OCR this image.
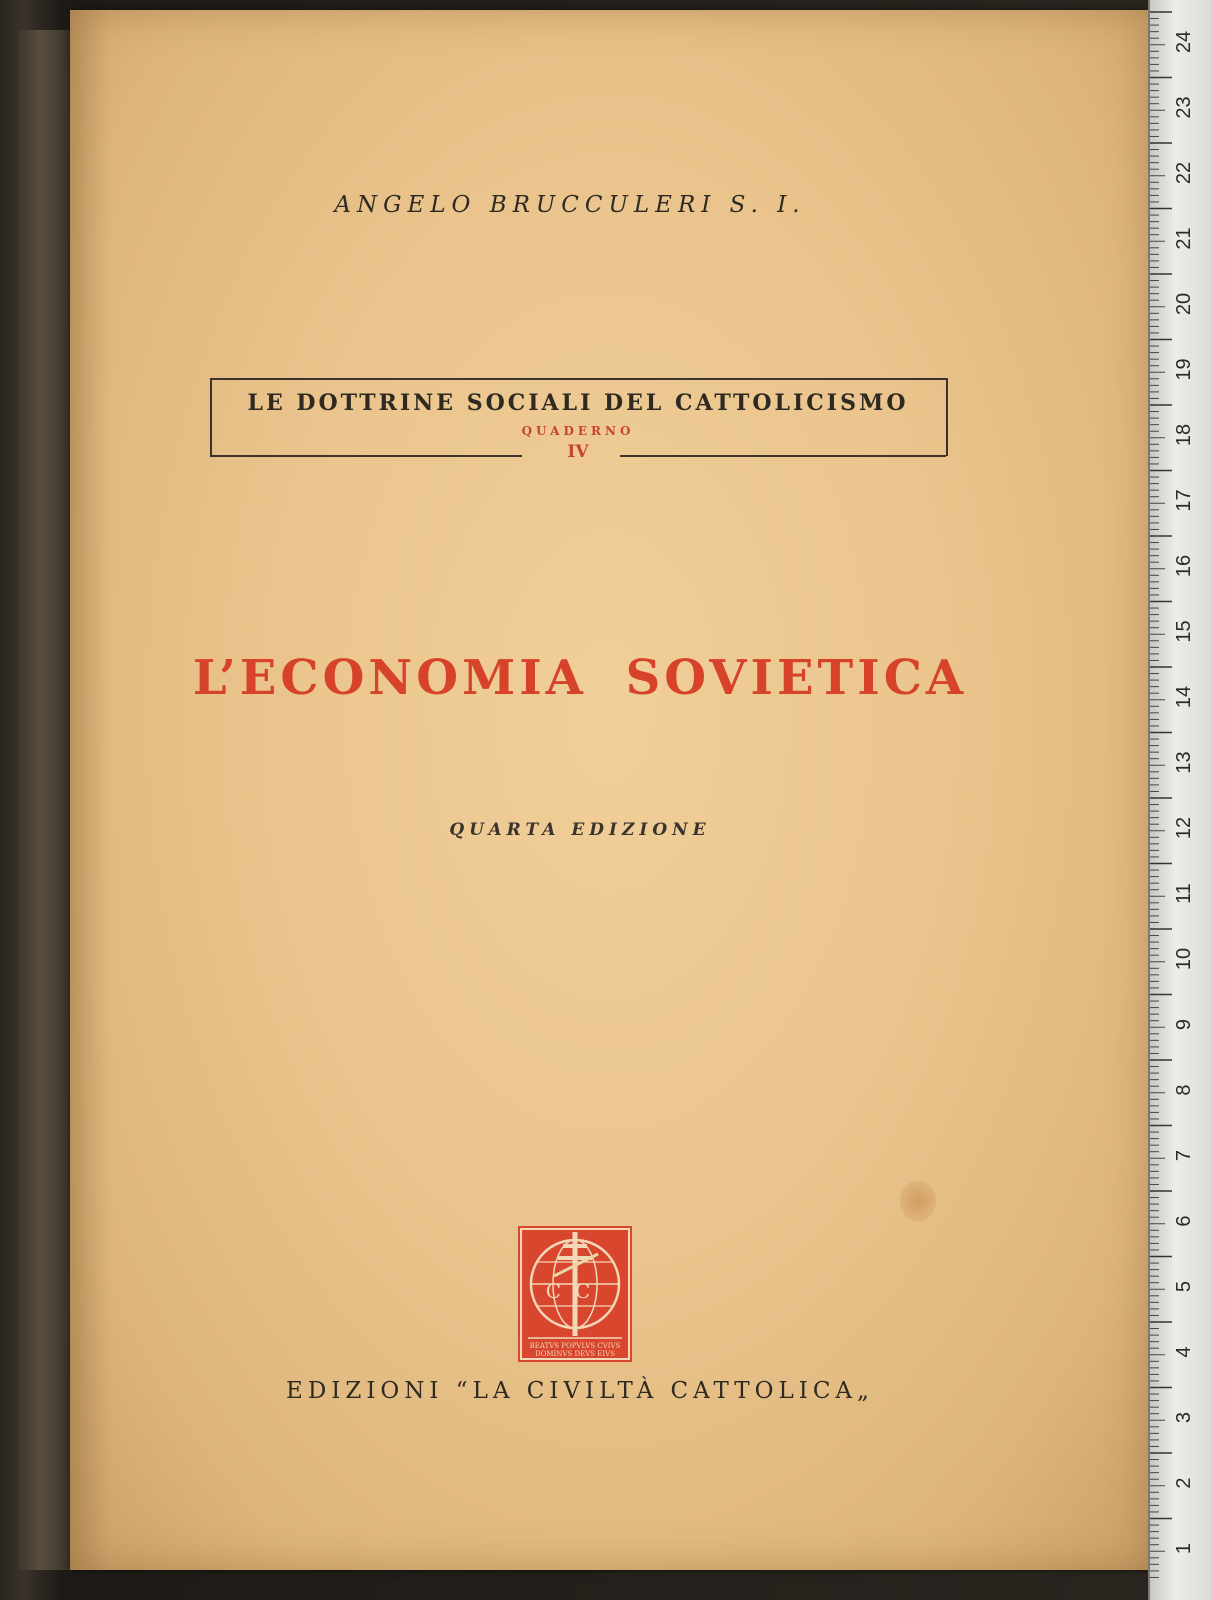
ANGELO BRUCCULERI S. I.
LE DOTTRINE SOCIALI DEL CATTOLICISMO
QUADERNO
IV
L’ECONOMIA SOVIETICA
QUARTA EDIZIONE
CC
BEATVS POPVLVS CVIVS
DOMINVS DEVS EIVS
EDIZIONI “LA CIVILTÀ CATTOLICA„
24
23
22
21
20
19
18
17
16
15
14
13
12
11
10
9
8
7
6
5
4
3
2
1
